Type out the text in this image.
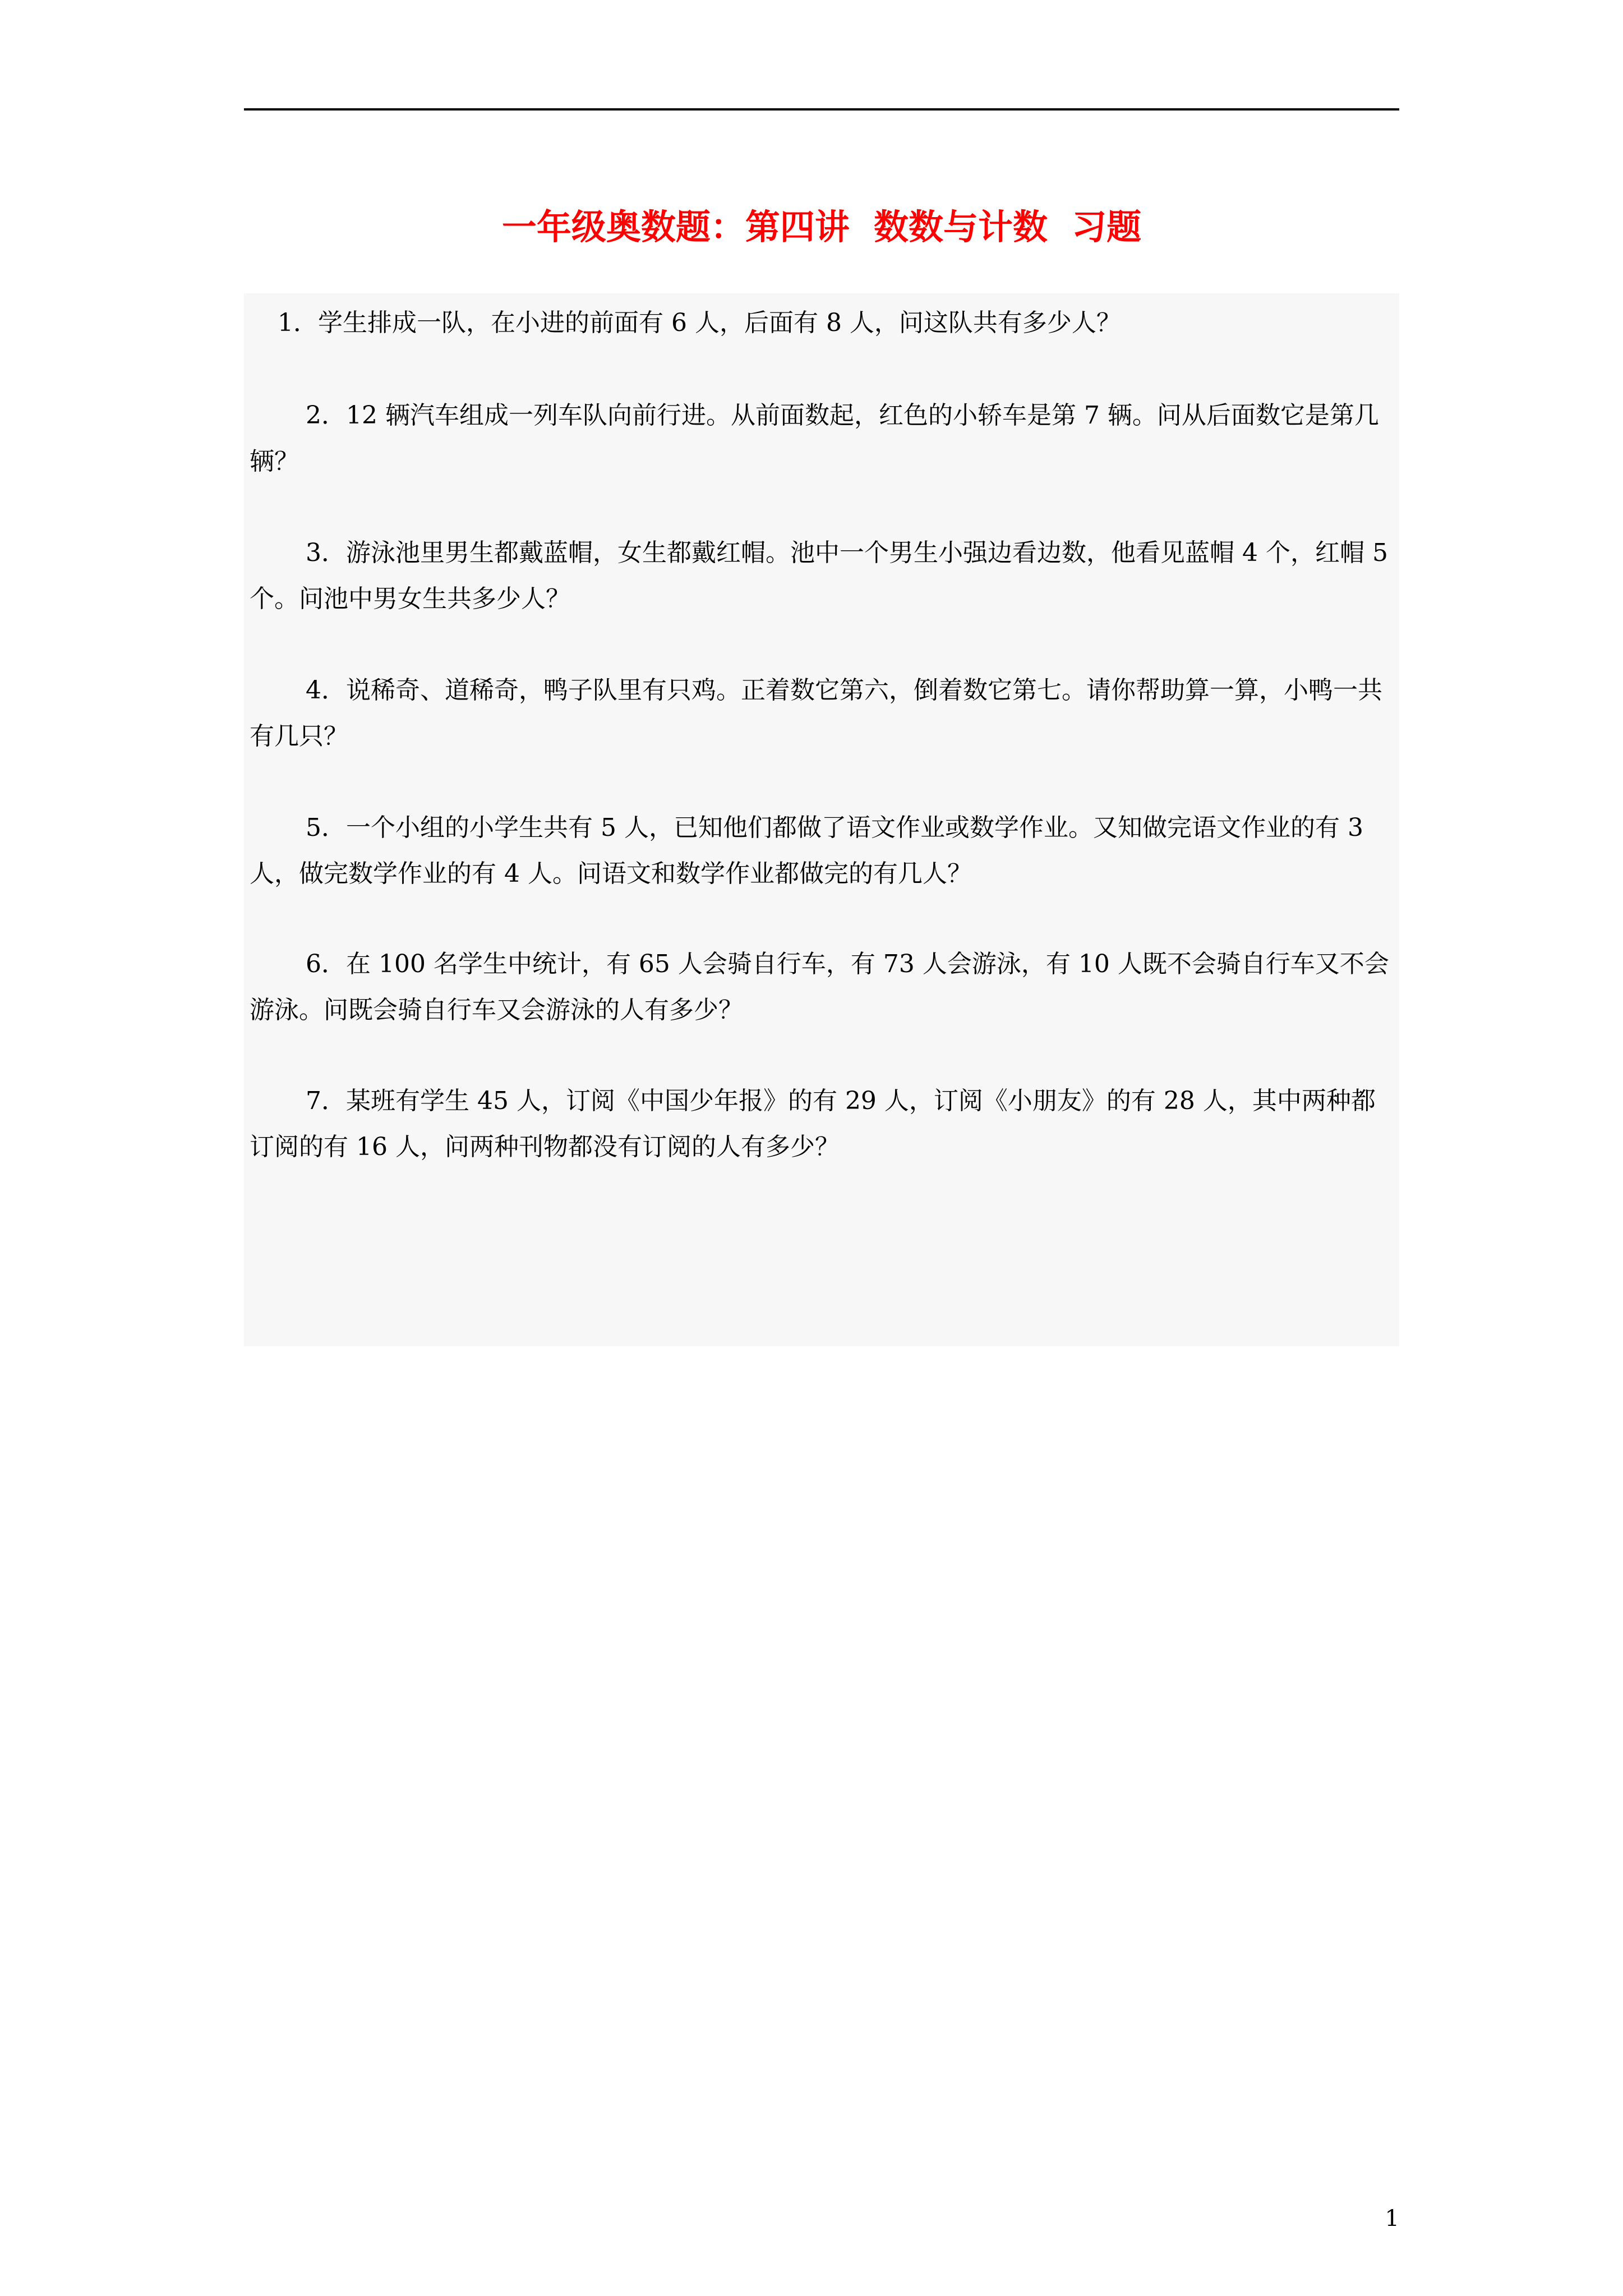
一年级奥数题：第四讲  数数与计数  习题

1．学生排成一队，在小进的前面有 6 人，后面有 8 人，问这队共有多少人？

2．12 辆汽车组成一列车队向前行进。从前面数起，红色的小轿车是第 7 辆。问从后面数它是第几辆？

3．游泳池里男生都戴蓝帽，女生都戴红帽。池中一个男生小强边看边数，他看见蓝帽 4 个，红帽 5 个。问池中男女生共多少人？

4．说稀奇、道稀奇，鸭子队里有只鸡。正着数它第六，倒着数它第七。请你帮助算一算，小鸭一共有几只？

5．一个小组的小学生共有 5 人，已知他们都做了语文作业或数学作业。又知做完语文作业的有 3 人，做完数学作业的有 4 人。问语文和数学作业都做完的有几人？

6．在 100 名学生中统计，有 65 人会骑自行车，有 73 人会游泳，有 10 人既不会骑自行车又不会游泳。问既会骑自行车又会游泳的人有多少？

7．某班有学生 45 人，订阅《中国少年报》的有 29 人，订阅《小朋友》的有 28 人，其中两种都订阅的有 16 人，问两种刊物都没有订阅的人有多少？

1
